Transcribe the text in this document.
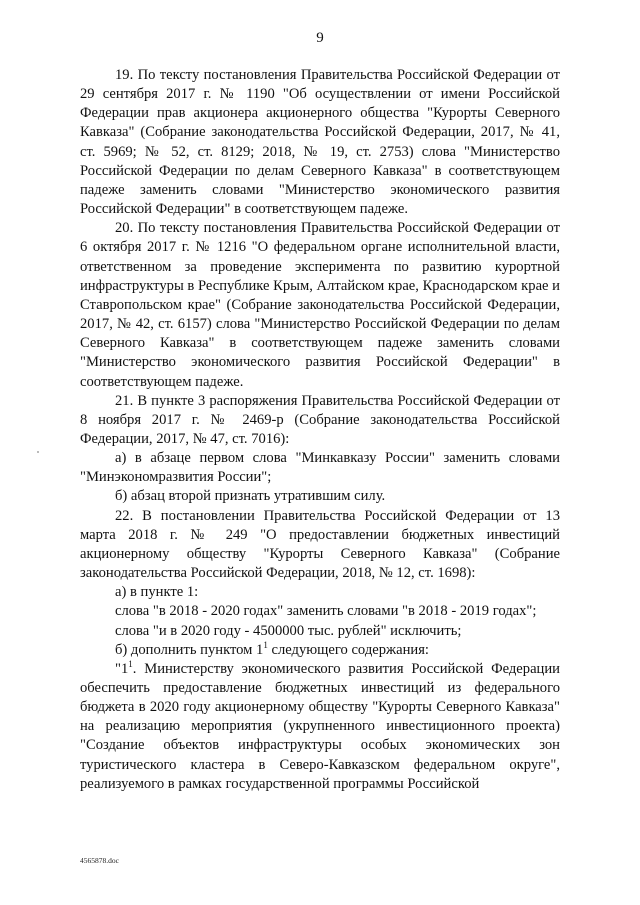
9

19. По тексту постановления Правительства Российской Федерации от 29 сентября 2017 г. № 1190 "Об осуществлении от имени Российской Федерации прав акционера акционерного общества "Курорты Северного Кавказа" (Собрание законодательства Российской Федерации, 2017, № 41, ст. 5969; № 52, ст. 8129; 2018, № 19, ст. 2753) слова "Министерство Российской Федерации по делам Северного Кавказа" в соответствующем падеже заменить словами "Министерство экономического развития Российской Федерации" в соответствующем падеже.

20. По тексту постановления Правительства Российской Федерации от 6 октября 2017 г. № 1216 "О федеральном органе исполнительной власти, ответственном за проведение эксперимента по развитию курортной инфраструктуры в Республике Крым, Алтайском крае, Краснодарском крае и Ставропольском крае" (Собрание законодательства Российской Федерации, 2017, № 42, ст. 6157) слова "Министерство Российской Федерации по делам Северного Кавказа" в соответствующем падеже заменить словами "Министерство экономического развития Российской Федерации" в соответствующем падеже.

21. В пункте 3 распоряжения Правительства Российской Федерации от 8 ноября 2017 г. № 2469-р (Собрание законодательства Российской Федерации, 2017, № 47, ст. 7016):

а) в абзаце первом слова "Минкавказу России" заменить словами "Минэкономразвития России";

б) абзац второй признать утратившим силу.

22. В постановлении Правительства Российской Федерации от 13 марта 2018 г. № 249 "О предоставлении бюджетных инвестиций акционерному обществу "Курорты Северного Кавказа" (Собрание законодательства Российской Федерации, 2018, № 12, ст. 1698):

а) в пункте 1:

слова "в 2018 - 2020 годах" заменить словами "в 2018 - 2019 годах";

слова "и в 2020 году - 4500000 тыс. рублей" исключить;

б) дополнить пунктом $1^1$ следующего содержания:

"$1^1$. Министерству экономического развития Российской Федерации обеспечить предоставление бюджетных инвестиций из федерального бюджета в 2020 году акционерному обществу "Курорты Северного Кавказа" на реализацию мероприятия (укрупненного инвестиционного проекта) "Создание объектов инфраструктуры особых экономических зон туристического кластера в Северо-Кавказском федеральном округе", реализуемого в рамках государственной программы Российской

4565878.doc
